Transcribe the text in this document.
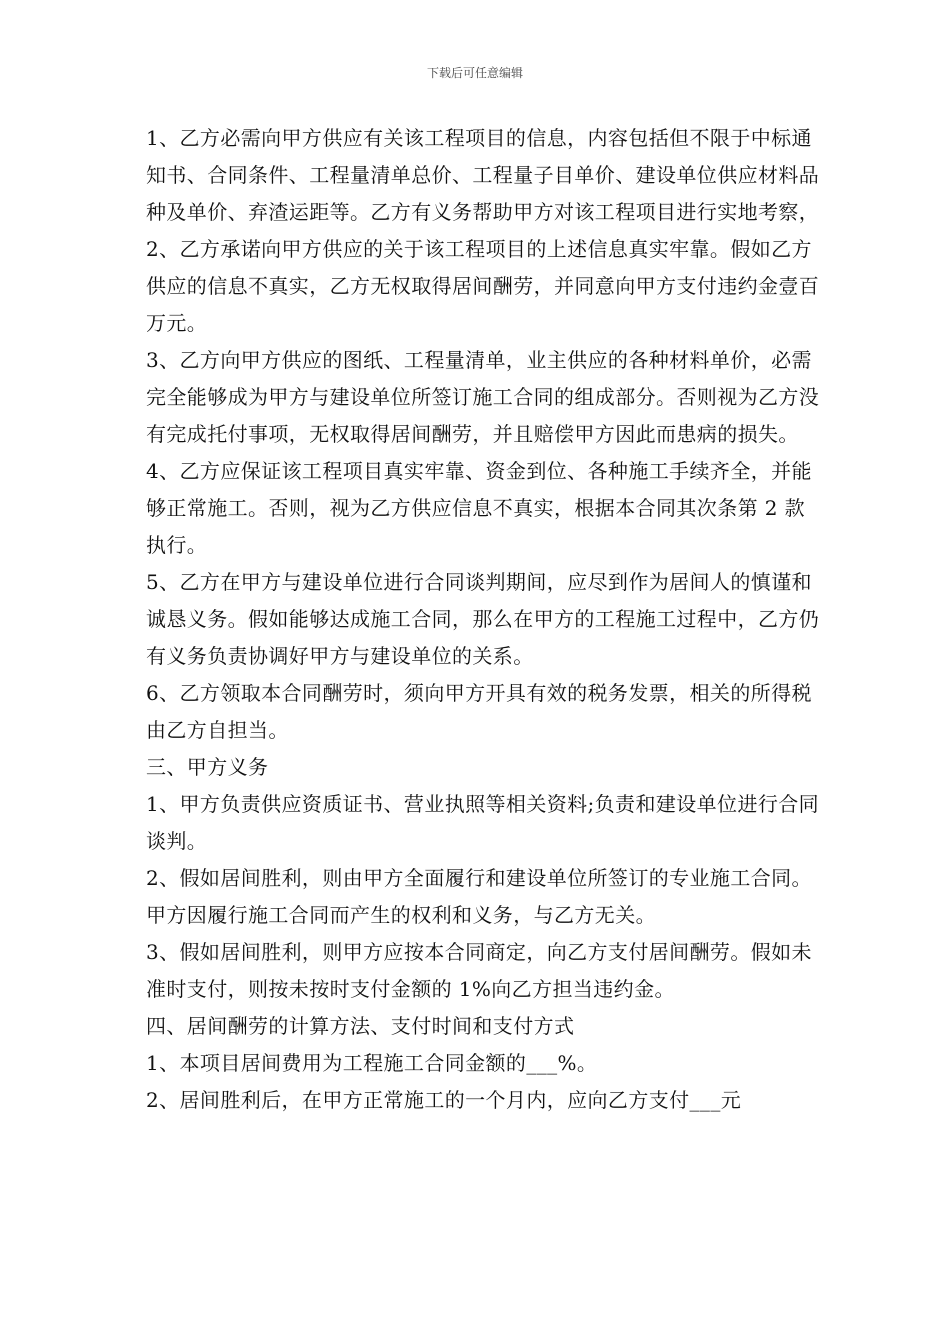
下载后可任意编辑

1、乙方必需向甲方供应有关该工程项目的信息，内容包括但不限于中标通知书、合同条件、工程量清单总价、工程量子目单价、建设单位供应材料品种及单价、弃渣运距等。乙方有义务帮助甲方对该工程项目进行实地考察，

2、乙方承诺向甲方供应的关于该工程项目的上述信息真实牢靠。假如乙方供应的信息不真实，乙方无权取得居间酬劳，并同意向甲方支付违约金壹百万元。

3、乙方向甲方供应的图纸、工程量清单，业主供应的各种材料单价，必需完全能够成为甲方与建设单位所签订施工合同的组成部分。否则视为乙方没有完成托付事项，无权取得居间酬劳，并且赔偿甲方因此而患病的损失。

4、乙方应保证该工程项目真实牢靠、资金到位、各种施工手续齐全，并能够正常施工。否则，视为乙方供应信息不真实，根据本合同其次条第 2 款执行。

5、乙方在甲方与建设单位进行合同谈判期间，应尽到作为居间人的慎谨和诚恳义务。假如能够达成施工合同，那么在甲方的工程施工过程中，乙方仍有义务负责协调好甲方与建设单位的关系。

6、乙方领取本合同酬劳时，须向甲方开具有效的税务发票，相关的所得税由乙方自担当。

三、甲方义务

1、甲方负责供应资质证书、营业执照等相关资料;负责和建设单位进行合同谈判。

2、假如居间胜利，则由甲方全面履行和建设单位所签订的专业施工合同。甲方因履行施工合同而产生的权利和义务，与乙方无关。

3、假如居间胜利，则甲方应按本合同商定，向乙方支付居间酬劳。假如未准时支付，则按未按时支付金额的 1%向乙方担当违约金。

四、居间酬劳的计算方法、支付时间和支付方式

1、本项目居间费用为工程施工合同金额的___%。

2、居间胜利后，在甲方正常施工的一个月内，应向乙方支付___元
